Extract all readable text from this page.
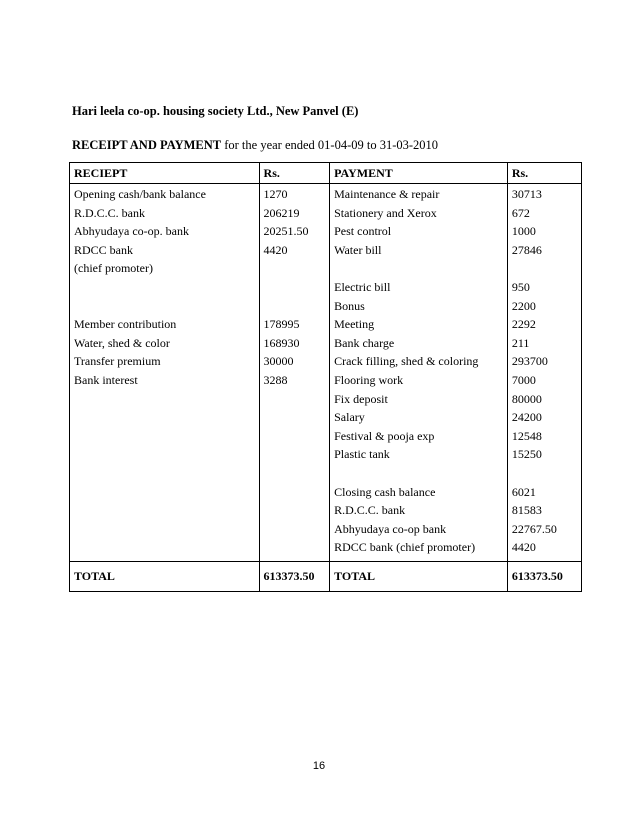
Hari leela co-op. housing society Ltd., New Panvel (E)
RECEIPT AND PAYMENT for the year ended 01-04-09 to 31-03-2010
RECIEPT	Rs.	PAYMENT	Rs.

Opening cash/bank balance	1270	Maintenance & repair	30713

R.D.C.C. bank	206219	Stationery and Xerox	672

Abhyudaya co-op. bank	20251.50	Pest control	1000

RDCC bank
(chief promoter)	4420	Water bill	27846

		Electric bill	950

		Bonus	2200

Member contribution	178995	Meeting	2292

Water, shed & color	168930	Bank charge	211

Transfer premium	30000	Crack filling, shed & coloring	293700

Bank interest	3288	Flooring work	7000

		Fix deposit	80000

		Salary	24200

		Festival & pooja exp	12548

		Plastic tank	15250

		Closing cash balance	6021

		R.D.C.C. bank	81583

		Abhyudaya co-op bank	22767.50

		RDCC bank (chief promoter)	4420
TOTAL	613373.50	TOTAL	613373.50
16
